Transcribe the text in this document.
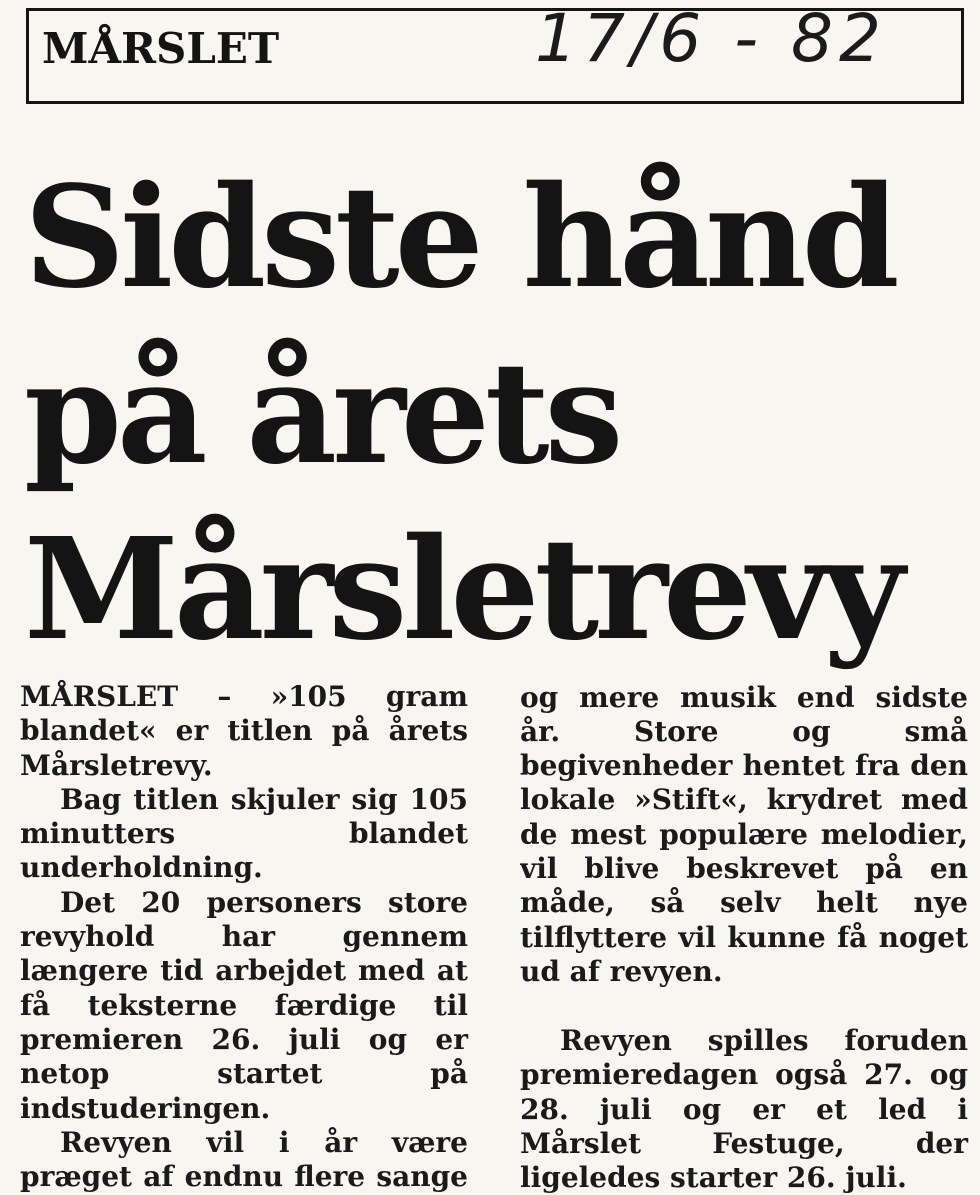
MÅRSLET	17/6 - 82
Sidste hånd
på årets
Mårsletrevy

MÅRSLET – »105 gram blandet« er titlen på årets Mårsletrevy.

Bag titlen skjuler sig 105 minutters blandet underholdning.

Det 20 personers store revyhold har gennem længere tid arbejdet med at få teksterne færdige til premieren 26. juli og er netop startet på indstuderingen.

Revyen vil i år være præget af endnu flere sange

og mere musik end sidste år. Store og små begivenheder hentet fra den lokale »Stift«, krydret med de mest populære melodier, vil blive beskrevet på en måde, så selv helt nye tilflyttere vil kunne få noget ud af revyen.

Revyen spilles foruden premieredagen også 27. og 28. juli og er et led i Mårslet Festuge, der ligeledes starter 26. juli.
